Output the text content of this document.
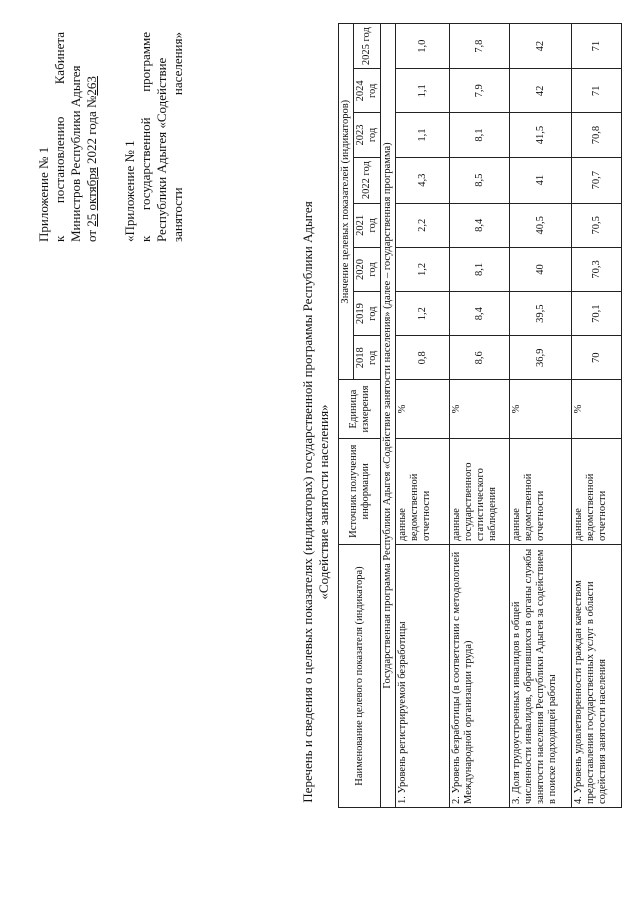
Приложение № 1 к постановлению Кабинета
Министров Республики Адыгея от 25 октября 2022 года №263
«Приложение № 1 к государственной программе Республики Адыгея «Содействие занятости населения»
Перечень и сведения о целевых показателях (индикаторах) государственной программы Республики Адыгея «Содействие занятости населения»
Наименование целевого показателя (индикатора)	Источник получения информации	Единица измерения	Значение целевых показателей (индикаторов)							
			2018 год	2019 год	2020 год	2021 год	2022 год	2023 год	2024 год	2025 год
Государственная программа Республики Адыгея «Содействие занятости населения» (далее – государственная программа)										
1. Уровень регистрируемой безработицы	данные ведомственной отчетности	%	0,8	1,2	1,2	2,2	4,3	1,1	1,1	1,0
2. Уровень безработицы (в соответствии с методологией Международной организации труда)	данные государственного статистического наблюдения	%	8,6	8,4	8,1	8,4	8,5	8,1	7,9	7,8
3. Доля трудоустроенных инвалидов в общей численности инвалидов, обратившихся в органы службы занятости населения Республики Адыгея за содействием в поиске подходящей работы	данные ведомственной отчетности	%	36,9	39,5	40	40,5	41	41,5	42	42
4. Уровень удовлетворенности граждан качеством предоставления государственных услуг в области содействия занятости населения	данные ведомственной отчетности	%	70	70,1	70,3	70,5	70,7	70,8	71	71
